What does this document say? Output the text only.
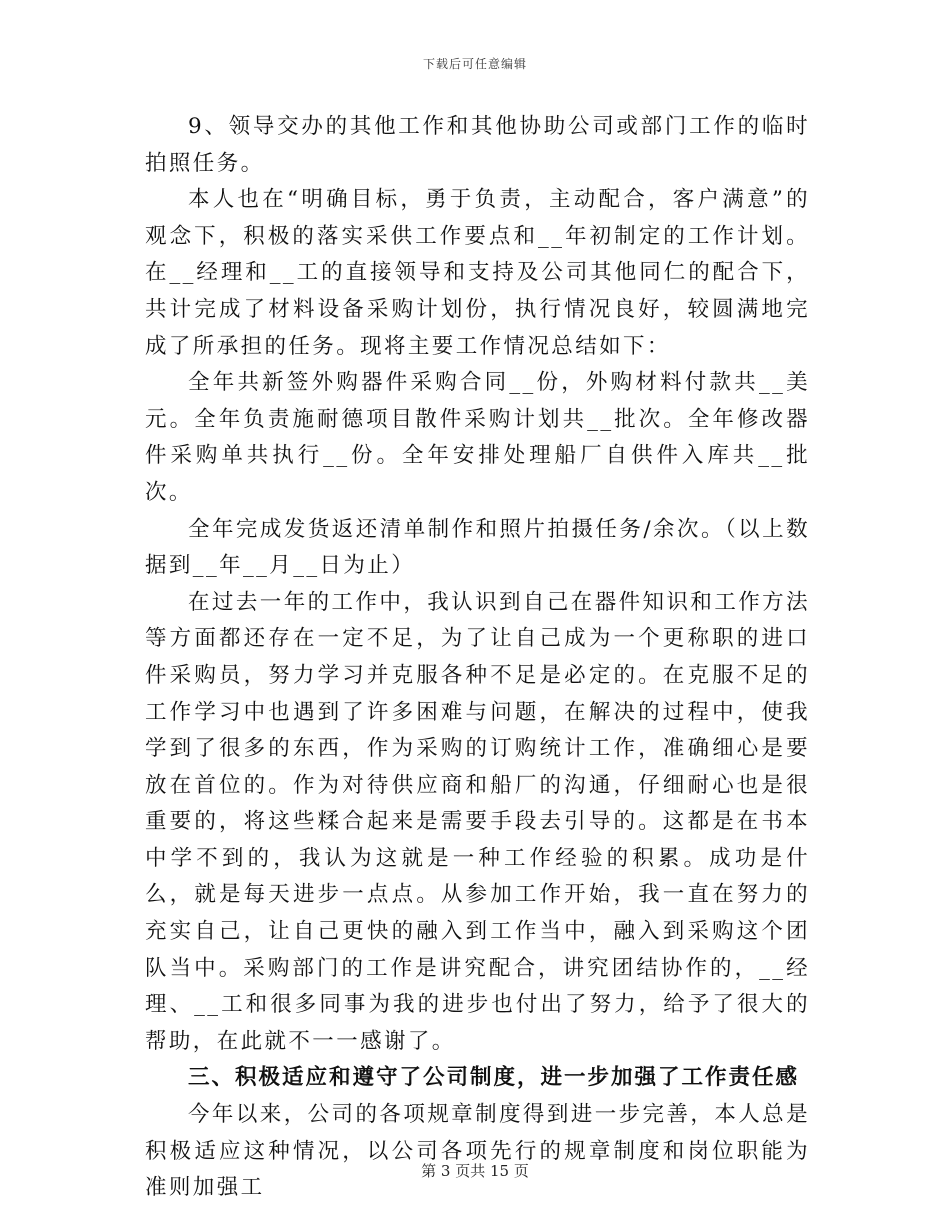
下载后可任意编辑

9、领导交办的其他工作和其他协助公司或部门工作的临时拍照任务。

本人也在“明确目标，勇于负责，主动配合，客户满意”的观念下，积极的落实采供工作要点和__年初制定的工作计划。在__经理和__工的直接领导和支持及公司其他同仁的配合下，共计完成了材料设备采购计划份，执行情况良好，较圆满地完成了所承担的任务。现将主要工作情况总结如下：

全年共新签外购器件采购合同__份，外购材料付款共__美元。全年负责施耐德项目散件采购计划共__批次。全年修改器件采购单共执行__份。全年安排处理船厂自供件入库共__批次。

全年完成发货返还清单制作和照片拍摄任务/余次。（以上数据到__年__月__日为止）

在过去一年的工作中，我认识到自己在器件知识和工作方法等方面都还存在一定不足，为了让自己成为一个更称职的进口件采购员，努力学习并克服各种不足是必定的。在克服不足的工作学习中也遇到了许多困难与问题，在解决的过程中，使我学到了很多的东西，作为采购的订购统计工作，准确细心是要放在首位的。作为对待供应商和船厂的沟通，仔细耐心也是很重要的，将这些糅合起来是需要手段去引导的。这都是在书本中学不到的，我认为这就是一种工作经验的积累。成功是什么，就是每天进步一点点。从参加工作开始，我一直在努力的充实自己，让自己更快的融入到工作当中，融入到采购这个团队当中。采购部门的工作是讲究配合，讲究团结协作的，__经理、__工和很多同事为我的进步也付出了努力，给予了很大的帮助，在此就不一一感谢了。

三、积极适应和遵守了公司制度，进一步加强了工作责任感

今年以来，公司的各项规章制度得到进一步完善，本人总是积极适应这种情况，以公司各项先行的规章制度和岗位职能为准则加强工

第 3 页共 15 页
